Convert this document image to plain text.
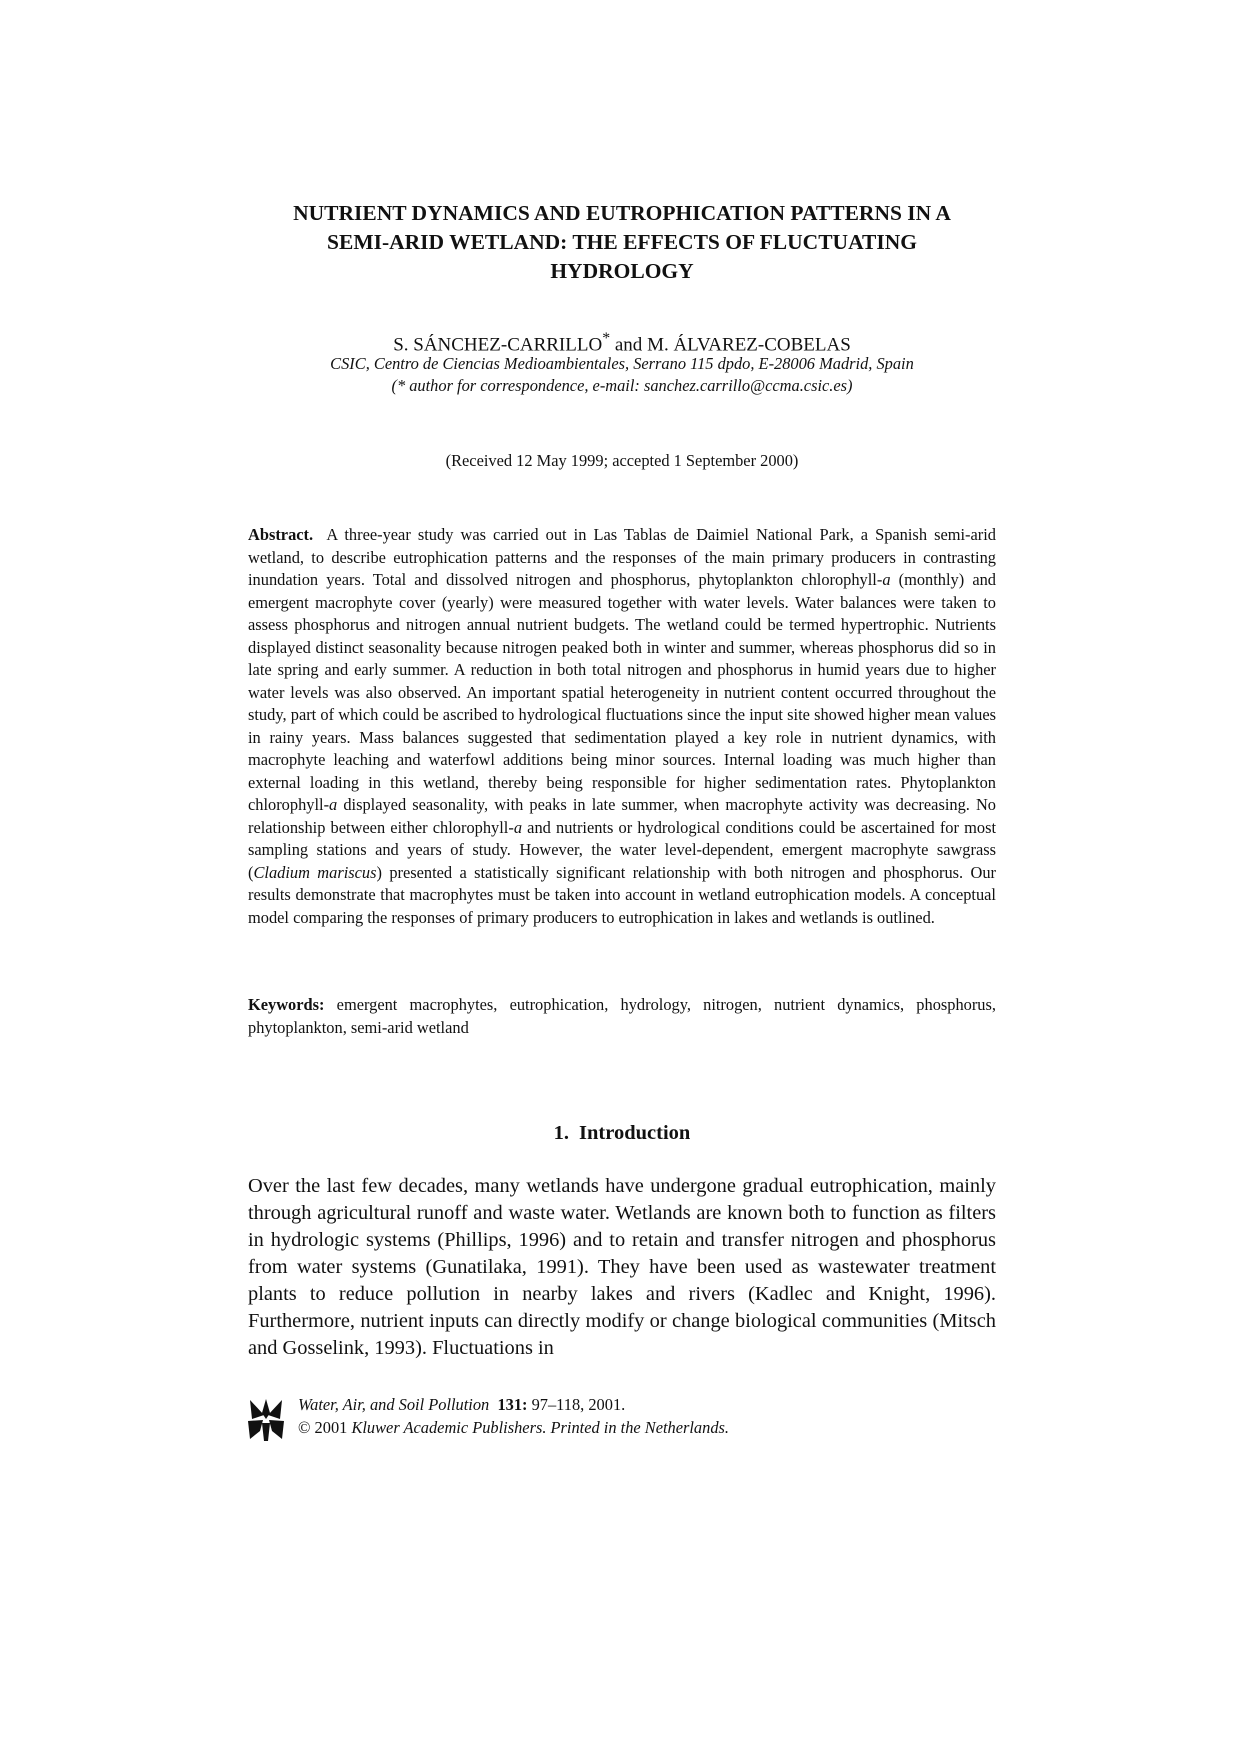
NUTRIENT DYNAMICS AND EUTROPHICATION PATTERNS IN A
SEMI-ARID WETLAND: THE EFFECTS OF FLUCTUATING
HYDROLOGY
S. SÁNCHEZ-CARRILLO* and M. ÁLVAREZ-COBELAS
CSIC, Centro de Ciencias Medioambientales, Serrano 115 dpdo, E-28006 Madrid, Spain
(* author for correspondence, e-mail: sanchez.carrillo@ccma.csic.es)
(Received 12 May 1999; accepted 1 September 2000)
Abstract. A three-year study was carried out in Las Tablas de Daimiel National Park, a Spanish semi-arid wetland, to describe eutrophication patterns and the responses of the main primary producers in contrasting inundation years. Total and dissolved nitrogen and phosphorus, phytoplankton chlorophyll-a (monthly) and emergent macrophyte cover (yearly) were measured together with water levels. Water balances were taken to assess phosphorus and nitrogen annual nutrient budgets. The wetland could be termed hypertrophic. Nutrients displayed distinct seasonality because nitrogen peaked both in winter and summer, whereas phosphorus did so in late spring and early summer. A reduction in both total nitrogen and phosphorus in humid years due to higher water levels was also observed. An important spatial heterogeneity in nutrient content occurred throughout the study, part of which could be ascribed to hydrological fluctuations since the input site showed higher mean values in rainy years. Mass balances suggested that sedimentation played a key role in nutrient dynamics, with macrophyte leaching and waterfowl additions being minor sources. Internal loading was much higher than external loading in this wetland, thereby being responsible for higher sedimentation rates. Phytoplankton chlorophyll-a displayed seasonality, with peaks in late summer, when macrophyte activity was decreasing. No relationship between either chlorophyll-a and nutrients or hydrological conditions could be ascertained for most sampling stations and years of study. However, the water level-dependent, emergent macrophyte sawgrass (Cladium mariscus) presented a statistically significant relationship with both nitrogen and phosphorus. Our results demonstrate that macrophytes must be taken into account in wetland eutrophication models. A conceptual model comparing the responses of primary producers to eutrophication in lakes and wetlands is outlined.
Keywords: emergent macrophytes, eutrophication, hydrology, nitrogen, nutrient dynamics, phosphorus, phytoplankton, semi-arid wetland
1. Introduction
Over the last few decades, many wetlands have undergone gradual eutrophication, mainly through agricultural runoff and waste water. Wetlands are known both to function as filters in hydrologic systems (Phillips, 1996) and to retain and transfer nitrogen and phosphorus from water systems (Gunatilaka, 1991). They have been used as wastewater treatment plants to reduce pollution in nearby lakes and rivers (Kadlec and Knight, 1996). Furthermore, nutrient inputs can directly modify or change biological communities (Mitsch and Gosselink, 1993). Fluctuations in
Water, Air, and Soil Pollution 131: 97–118, 2001.
© 2001 Kluwer Academic Publishers. Printed in the Netherlands.
